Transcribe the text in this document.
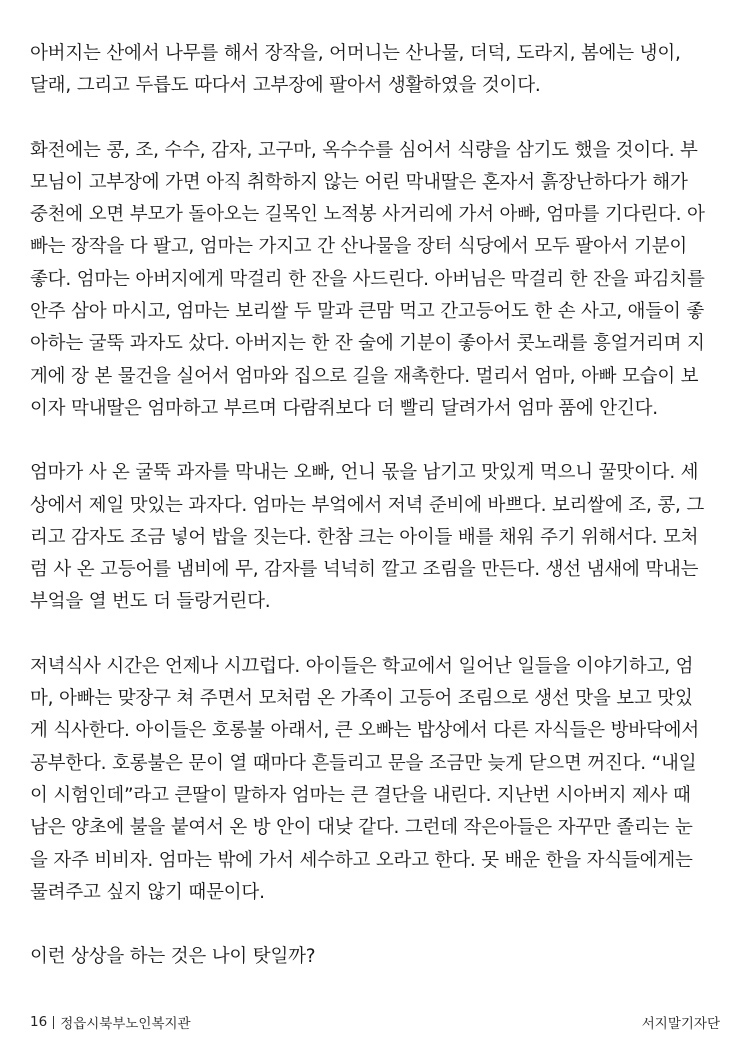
아버지는 산에서 나무를 해서 장작을, 어머니는 산나물, 더덕, 도라지, 봄에는 냉이,
달래, 그리고 두릅도 따다서 고부장에 팔아서 생활하였을 것이다.

화전에는 콩, 조, 수수, 감자, 고구마, 옥수수를 심어서 식량을 삼기도 했을 것이다. 부
모님이 고부장에 가면 아직 취학하지 않는 어린 막내딸은 혼자서 흙장난하다가 해가
중천에 오면 부모가 돌아오는 길목인 노적봉 사거리에 가서 아빠, 엄마를 기다린다. 아
빠는 장작을 다 팔고, 엄마는 가지고 간 산나물을 장터 식당에서 모두 팔아서 기분이
좋다. 엄마는 아버지에게 막걸리 한 잔을 사드린다. 아버님은 막걸리 한 잔을 파김치를
안주 삼아 마시고, 엄마는 보리쌀 두 말과 큰맘 먹고 간고등어도 한 손 사고, 애들이 좋
아하는 굴뚝 과자도 샀다. 아버지는 한 잔 술에 기분이 좋아서 콧노래를 흥얼거리며 지
게에 장 본 물건을 실어서 엄마와 집으로 길을 재촉한다. 멀리서 엄마, 아빠 모습이 보
이자 막내딸은 엄마하고 부르며 다람쥐보다 더 빨리 달려가서 엄마 품에 안긴다.

엄마가 사 온 굴뚝 과자를 막내는 오빠, 언니 몫을 남기고 맛있게 먹으니 꿀맛이다. 세
상에서 제일 맛있는 과자다. 엄마는 부엌에서 저녁 준비에 바쁘다. 보리쌀에 조, 콩, 그
리고 감자도 조금 넣어 밥을 짓는다. 한참 크는 아이들 배를 채워 주기 위해서다. 모처
럼 사 온 고등어를 냄비에 무, 감자를 넉넉히 깔고 조림을 만든다. 생선 냄새에 막내는
부엌을 열 번도 더 들랑거린다.

저녁식사 시간은 언제나 시끄럽다. 아이들은 학교에서 일어난 일들을 이야기하고, 엄
마, 아빠는 맞장구 쳐 주면서 모처럼 온 가족이 고등어 조림으로 생선 맛을 보고 맛있
게 식사한다. 아이들은 호롱불 아래서, 큰 오빠는 밥상에서 다른 자식들은 방바닥에서
공부한다. 호롱불은 문이 열 때마다 흔들리고 문을 조금만 늦게 닫으면 꺼진다. “내일
이 시험인데”라고 큰딸이 말하자 엄마는 큰 결단을 내린다. 지난번 시아버지 제사 때
남은 양초에 불을 붙여서 온 방 안이 대낮 같다. 그런데 작은아들은 자꾸만 졸리는 눈
을 자주 비비자. 엄마는 밖에 가서 세수하고 오라고 한다. 못 배운 한을 자식들에게는
물려주고 싶지 않기 때문이다.

이런 상상을 하는 것은 나이 탓일까?

16 정읍시북부노인복지관	서지말기자단
